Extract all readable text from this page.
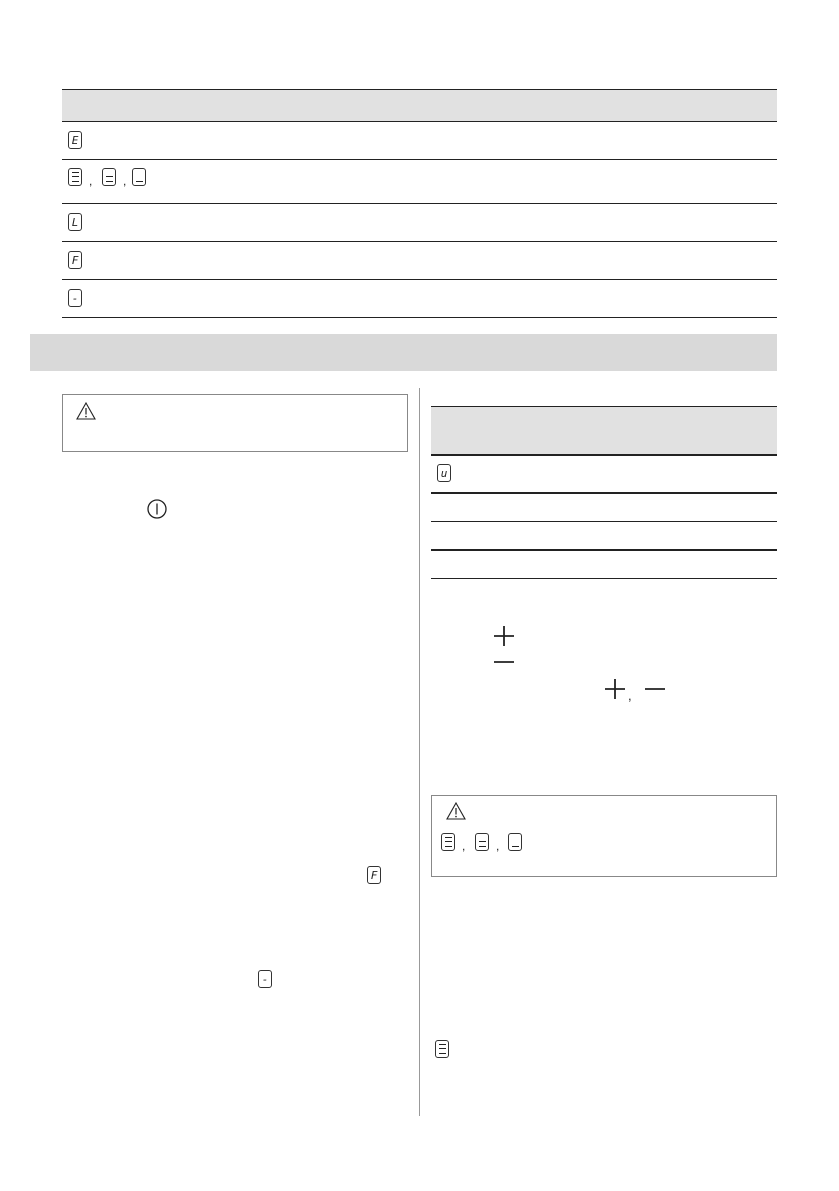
E
,	,
L
F
-
F
-
u
,
,	,
